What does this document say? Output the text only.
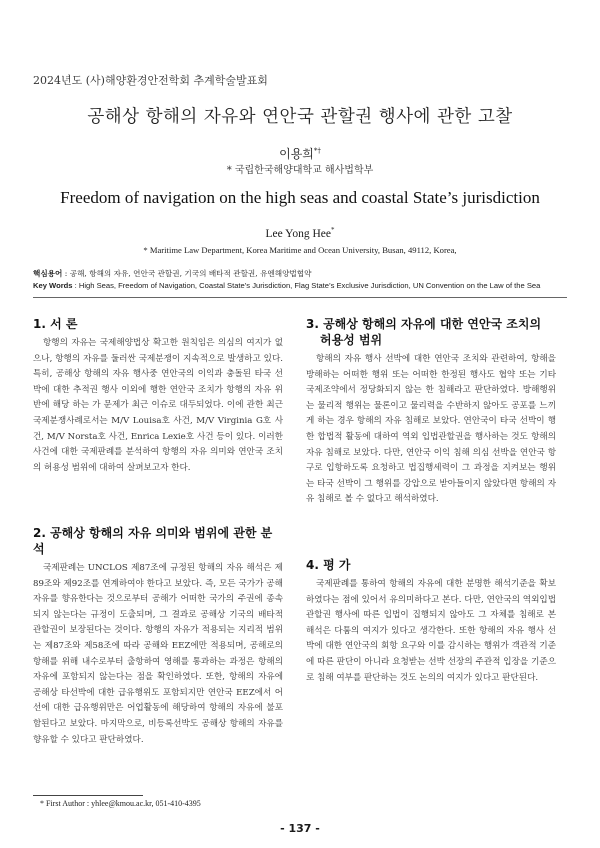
2024년도 (사)해양환경안전학회 추계학술발표회
공해상 항해의 자유와 연안국 관할권 행사에 관한 고찰
이용희*†
* 국립한국해양대학교 해사법학부
Freedom of navigation on the high seas and coastal State’s jurisdiction
Lee Yong Hee*
* Maritime Law Department, Korea Maritime and Ocean University, Busan, 49112, Korea,
핵심용어 : 공해, 항해의 자유, 연안국 관할권, 기국의 배타적 관할권, 유엔해양법협약
Key Words : High Seas, Freedom of Navigation, Coastal State’s Jurisdiction, Flag State’s Exclusive Jurisdiction, UN Convention on the Law of the Sea
1. 서 론

항행의 자유는 국제해양법상 확고한 원칙임은 의심의 여지가 없으나, 항행의 자유를 둘러싼 국제분쟁이 지속적으로 발생하고 있다. 특히, 공해상 항해의 자유 행사중 연안국의 이익과 충돌된 타국 선박에 대한 추적권 행사 이외에 행한 연안국 조치가 항행의 자유 위반에 해당 하는 가 문제가 최근 이슈로 대두되었다. 이에 관한 최근 국제분쟁사례로서는 M/V Louisa호 사건, M/V Virginia G호 사건, M/V Norsta호 사건, Enrica Lexie호 사건 등이 있다. 이러한 사건에 대한 국제판례를 분석하여 항행의 자유 의미와 연안국 조치의 허용성 범위에 대하여 살펴보고자 한다.

2. 공해상 항해의 자유 의미와 범위에 관한 분석

국제판례는 UNCLOS 제87조에 규정된 항해의 자유 해석은 제89조와 제92조를 연계하여야 한다고 보았다. 즉, 모든 국가가 공해 자유를 향유한다는 것으로부터 공해가 어떠한 국가의 주권에 종속되지 않는다는 규정이 도출되며, 그 결과로 공해상 기국의 배타적 관할권이 보장된다는 것이다. 항행의 자유가 적용되는 지리적 범위는 제87조와 제58조에 따라 공해와 EEZ에만 적용되며, 공해로의 항해를 위해 내수로부터 출항하여 영해를 통과하는 과정은 항해의 자유에 포함되지 않는다는 점을 확인하였다. 또한, 항해의 자유에 공해상 타선박에 대한 급유행위도 포함되지만 연안국 EEZ에서 어선에 대한 급유행위만은 어업활동에 해당하여 항해의 자유에 불포함된다고 보았다. 마지막으로, 비등록선박도 공해상 항해의 자유를 향유할 수 있다고 판단하였다.

3. 공해상 항해의 자유에 대한 연안국 조치의
허용성 범위

항해의 자유 행사 선박에 대한 연안국 조치와 관련하여, 항해을 방해하는 어떠한 행위 또는 어떠한 한정된 행사도 협약 또는 기타 국제조약에서 정당화되지 않는 한 침해라고 판단하였다. 방해행위는 물리적 행위는 물론이고 물리력을 수반하지 않아도 공포를 느끼게 하는 경우 항해의 자유 침해로 보았다. 연안국이 타국 선박이 행한 합법적 활동에 대하여 역외 입법관할권을 행사하는 것도 항해의 자유 침해로 보았다. 다만, 연안국 이익 침해 의심 선박을 연안국 항구로 입항하도록 요청하고 법집행세력이 그 과정을 지켜보는 행위는 타국 선박이 그 행위를 강압으로 받아들이지 않았다면 항해의 자유 침해로 볼 수 없다고 해석하였다.

4. 평 가

국제판례를 통하여 항해의 자유에 대한 분명한 해석기준을 확보하였다는 점에 있어서 유의미하다고 본다. 다만, 연안국의 역외입법관할권 행사에 따른 입법이 집행되지 않아도 그 자체를 침해로 본 해석은 다툼의 여지가 있다고 생각한다. 또한 항해의 자유 행사 선박에 대한 연안국의 회항 요구와 이를 감시하는 행위가 객관적 기준에 따른 판단이 아니라 요청받는 선박 선장의 주관적 입장을 기준으로 침해 여부를 판단하는 것도 논의의 여지가 있다고 판단된다.

* First Author : yhlee@kmou.ac.kr, 051-410-4395
- 137 -
